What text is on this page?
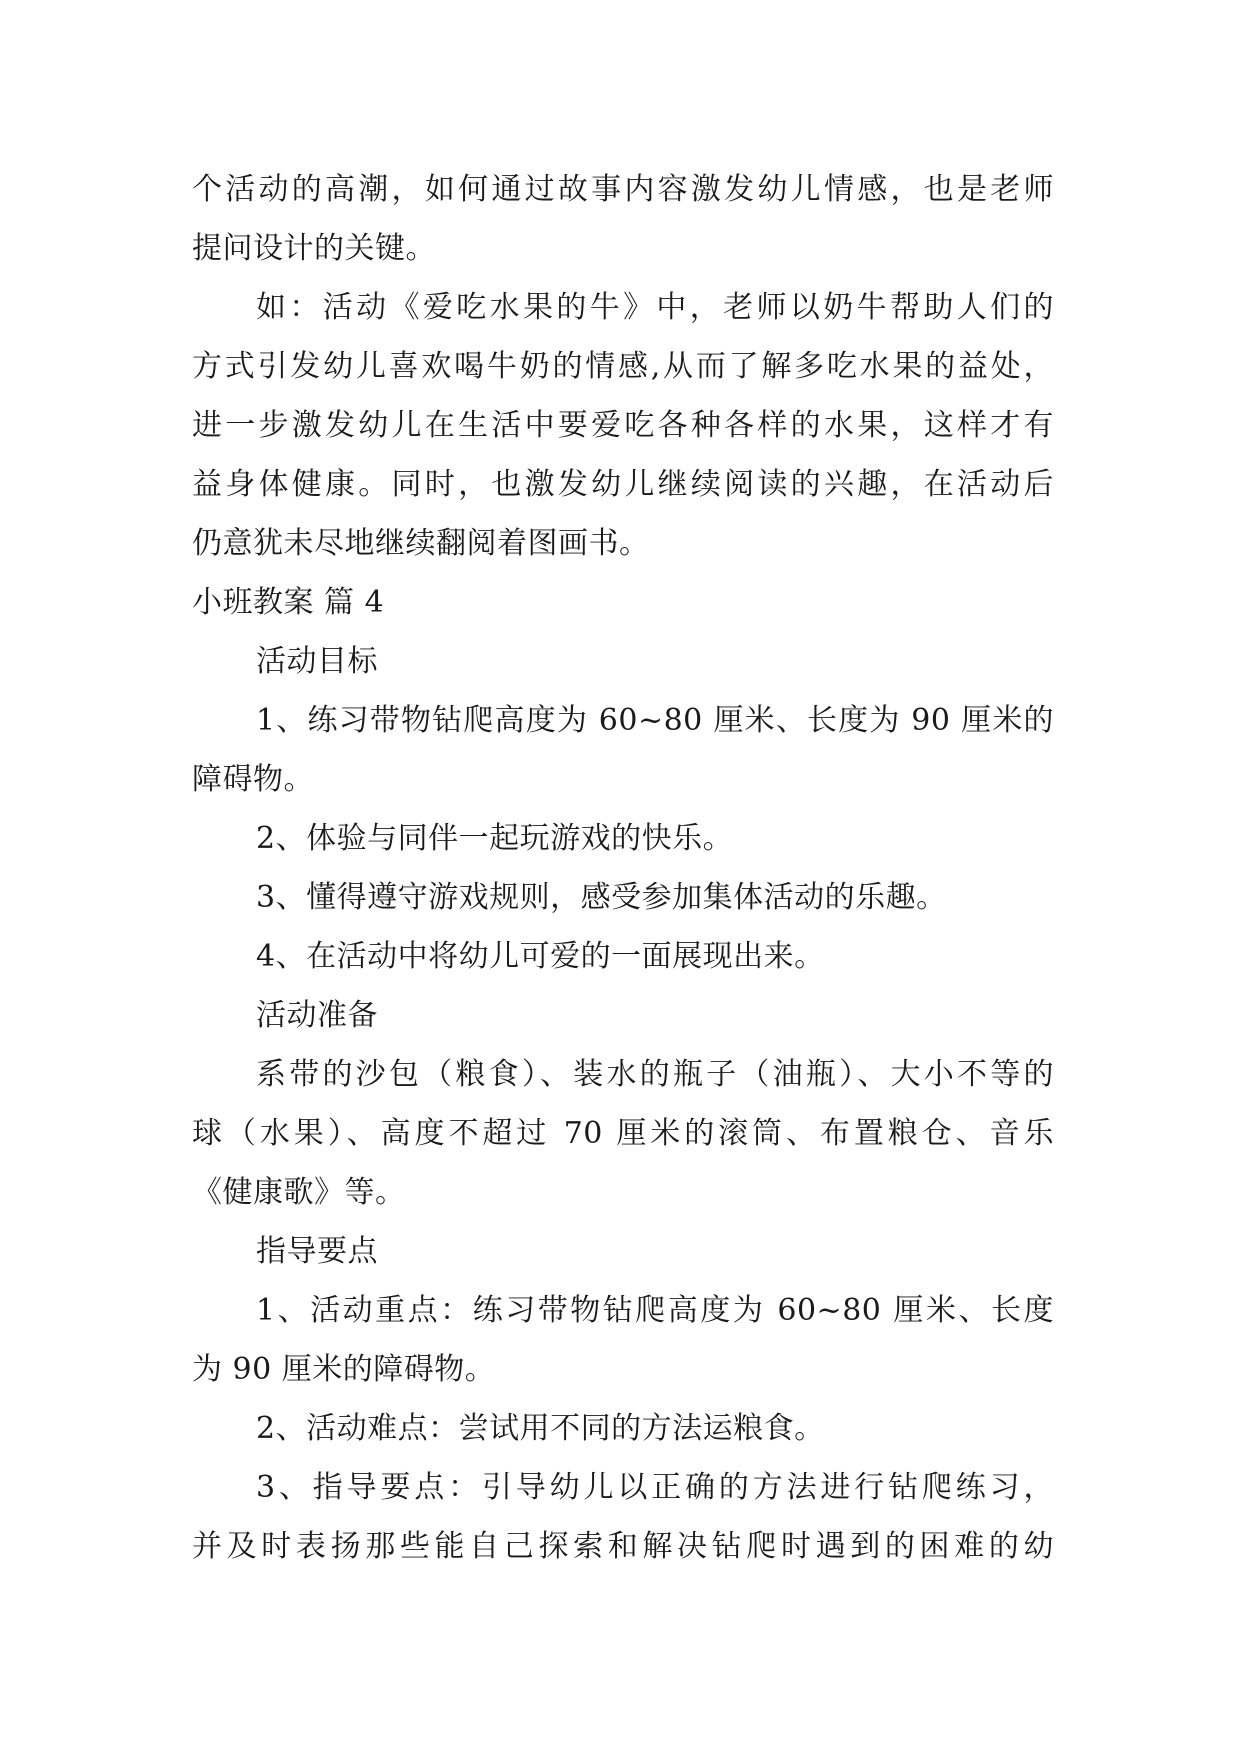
个活动的高潮，如何通过故事内容激发幼儿情感，也是老师
提问设计的关键。
如：活动《爱吃水果的牛》中，老师以奶牛帮助人们的
方式引发幼儿喜欢喝牛奶的情感,从而了解多吃水果的益处，
进一步激发幼儿在生活中要爱吃各种各样的水果，这样才有
益身体健康。同时，也激发幼儿继续阅读的兴趣，在活动后
仍意犹未尽地继续翻阅着图画书。
小班教案 篇 4
活动目标
1、练习带物钻爬高度为 60~80 厘米、长度为 90 厘米的
障碍物。
2、体验与同伴一起玩游戏的快乐。
3、懂得遵守游戏规则，感受参加集体活动的乐趣。
4、在活动中将幼儿可爱的一面展现出来。
活动准备
系带的沙包（粮食）、装水的瓶子（油瓶）、大小不等的
球（水果）、高度不超过 70 厘米的滚筒、布置粮仓、音乐
《健康歌》等。
指导要点
1、活动重点：练习带物钻爬高度为 60~80 厘米、长度
为 90 厘米的障碍物。
2、活动难点：尝试用不同的方法运粮食。
3、指导要点：引导幼儿以正确的方法进行钻爬练习，
并及时表扬那些能自己探索和解决钻爬时遇到的困难的幼
